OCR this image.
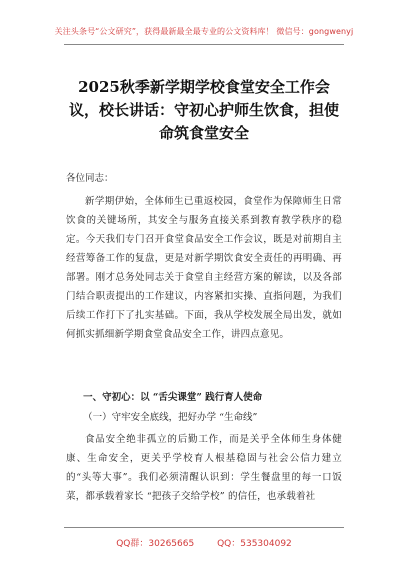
关注头条号“公文研究”，获得最新最全最专业的公文资料库！ 微信号：gongwenyj
2025秋季新学期学校食堂安全工作会议，校长讲话：守初心护师生饮食，担使命筑食堂安全
各位同志：

新学期伊始，全体师生已重返校园，食堂作为保障师生日常饮食的关键场所，其安全与服务直接关系到教育教学秩序的稳定。今天我们专门召开食堂食品安全工作会议，既是对前期自主经营筹备工作的复盘，更是对新学期饮食安全责任的再明确、再部署。刚才总务处同志关于食堂自主经营方案的解读，以及各部门结合职责提出的工作建议，内容紧扣实操、直指问题，为我们后续工作打下了扎实基础。下面，我从学校发展全局出发，就如何抓实抓细新学期食堂食品安全工作，讲四点意见。

一、守初心：以 “舌尖课堂” 践行育人使命
（一）守牢安全底线，把好办学 “生命线”

食品安全绝非孤立的后勤工作，而是关乎全体师生身体健康、生命安全，更关乎学校育人根基稳固与社会公信力建立的“头等大事”。我们必须清醒认识到：学生餐盘里的每一口饭菜，都承载着家长 “把孩子交给学校” 的信任，也承载着社

QQ群：30265665	QQ：535304092
